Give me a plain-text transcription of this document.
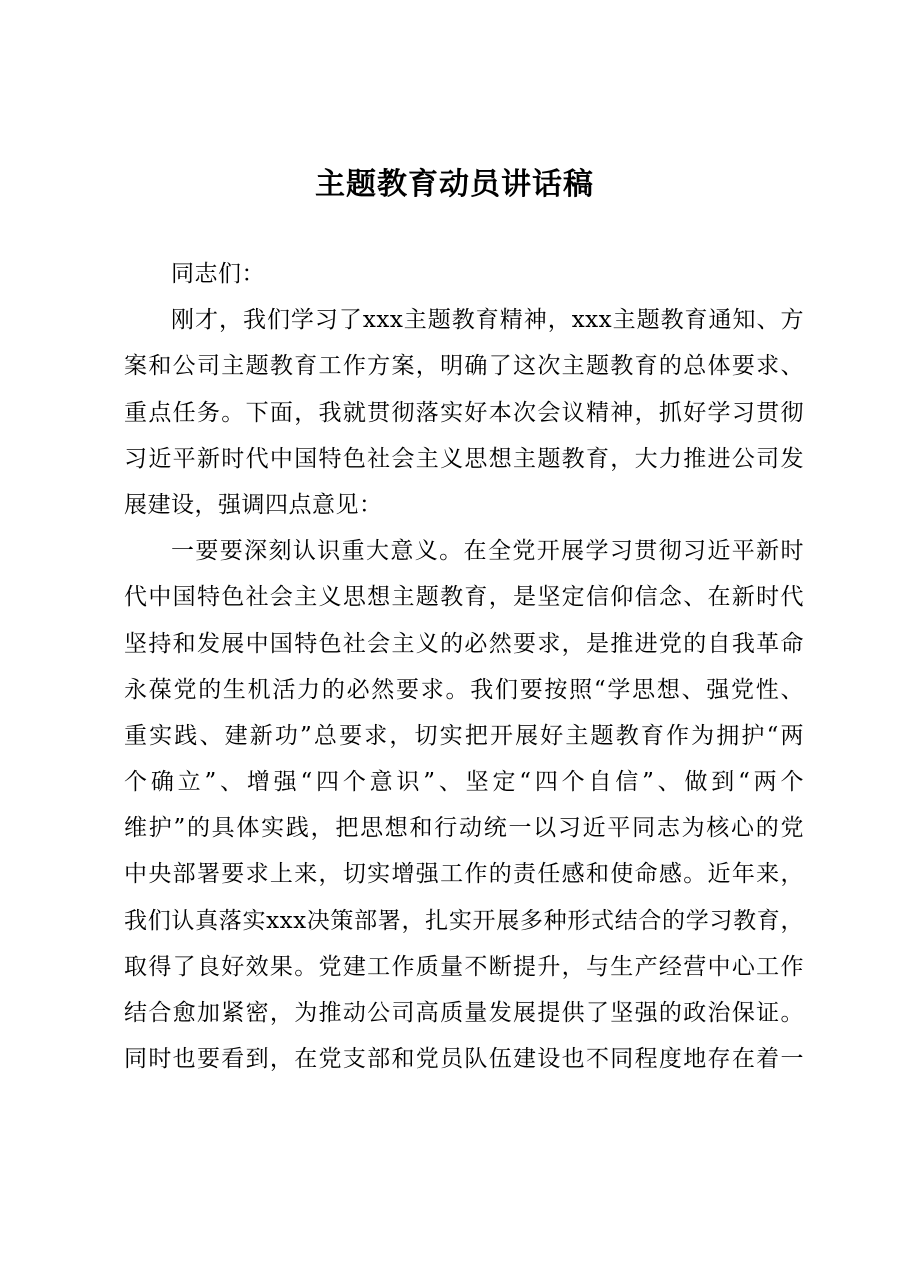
主题教育动员讲话稿
同志们：
刚才，我们学习了xxx主题教育精神，xxx主题教育通知、方
案和公司主题教育工作方案，明确了这次主题教育的总体要求、
重点任务。下面，我就贯彻落实好本次会议精神，抓好学习贯彻
习近平新时代中国特色社会主义思想主题教育，大力推进公司发
展建设，强调四点意见：
一要要深刻认识重大意义。在全党开展学习贯彻习近平新时
代中国特色社会主义思想主题教育，是坚定信仰信念、在新时代
坚持和发展中国特色社会主义的必然要求，是推进党的自我革命
永葆党的生机活力的必然要求。我们要按照“学思想、强党性、
重实践、建新功”总要求，切实把开展好主题教育作为拥护“两
个确立”、增强“四个意识”、坚定“四个自信”、做到“两个
维护”的具体实践，把思想和行动统一以习近平同志为核心的党
中央部署要求上来，切实增强工作的责任感和使命感。近年来，
我们认真落实xxx决策部署，扎实开展多种形式结合的学习教育，
取得了良好效果。党建工作质量不断提升，与生产经营中心工作
结合愈加紧密，为推动公司高质量发展提供了坚强的政治保证。
同时也要看到，在党支部和党员队伍建设也不同程度地存在着一
